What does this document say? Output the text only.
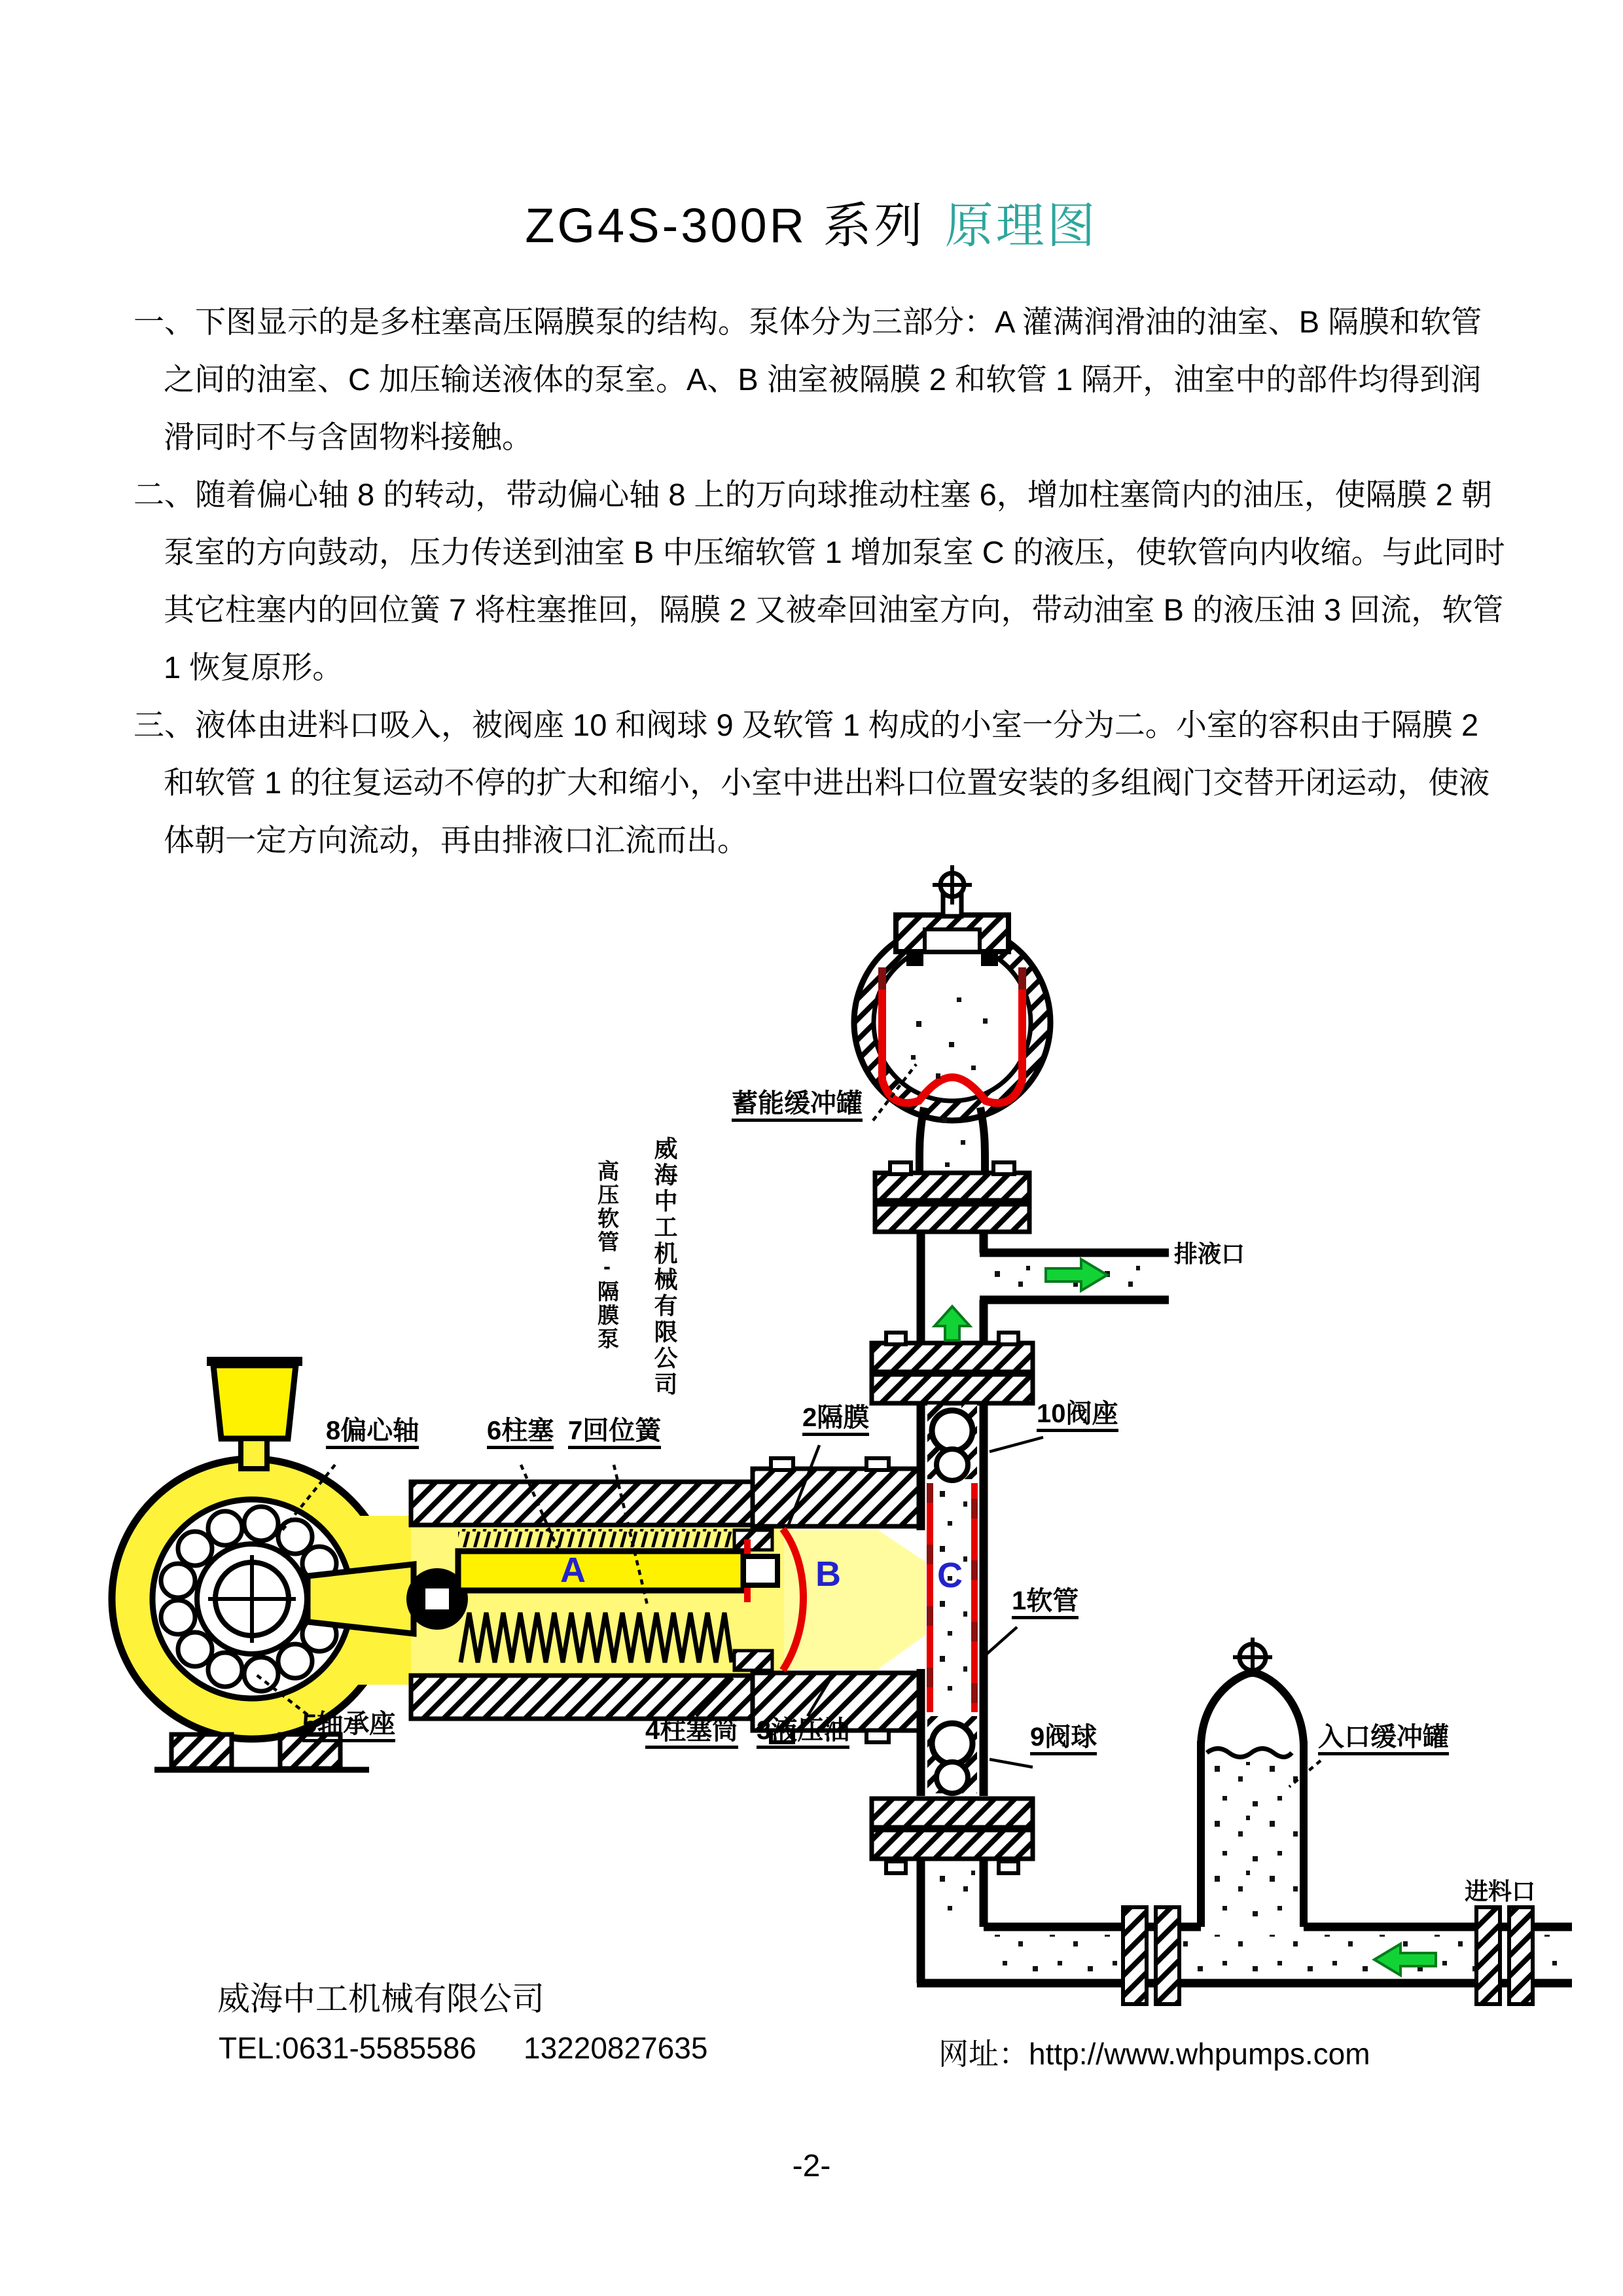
ZG4S-300R 系列 原理图

一、下图显示的是多柱塞高压隔膜泵的结构。泵体分为三部分：A 灌满润滑油的油室、B 隔膜和软管之间的油室、C 加压输送液体的泵室。A、B 油室被隔膜 2 和软管 1 隔开，油室中的部件均得到润滑同时不与含固物料接触。

二、随着偏心轴 8 的转动，带动偏心轴 8 上的万向球推动柱塞 6，增加柱塞筒内的油压，使隔膜 2 朝泵室的方向鼓动，压力传送到油室 B 中压缩软管 1 增加泵室 C 的液压，使软管向内收缩。与此同时其它柱塞内的回位簧 7 将柱塞推回，隔膜 2 又被牵回油室方向，带动油室 B 的液压油 3 回流，软管 1 恢复原形。

三、液体由进料口吸入，被阀座 10 和阀球 9 及软管 1 构成的小室一分为二。小室的容积由于隔膜 2 和软管 1 的往复运动不停的扩大和缩小，小室中进出料口位置安装的多组阀门交替开闭运动，使液体朝一定方向流动，再由排液口汇流而出。

威海中工机械有限公司
高压软管-隔膜泵
蓄能缓冲罐
排液口
10阀座
2隔膜
8偏心轴	6柱塞 7回位簧
1软管
9阀球
5轴承座	4柱塞筒 3液压油	入口缓冲罐
进料口
A	B	C
威海中工机械有限公司
TEL:0631-5585586 13220827635	网址：http://www.whpumps.com
-2-
